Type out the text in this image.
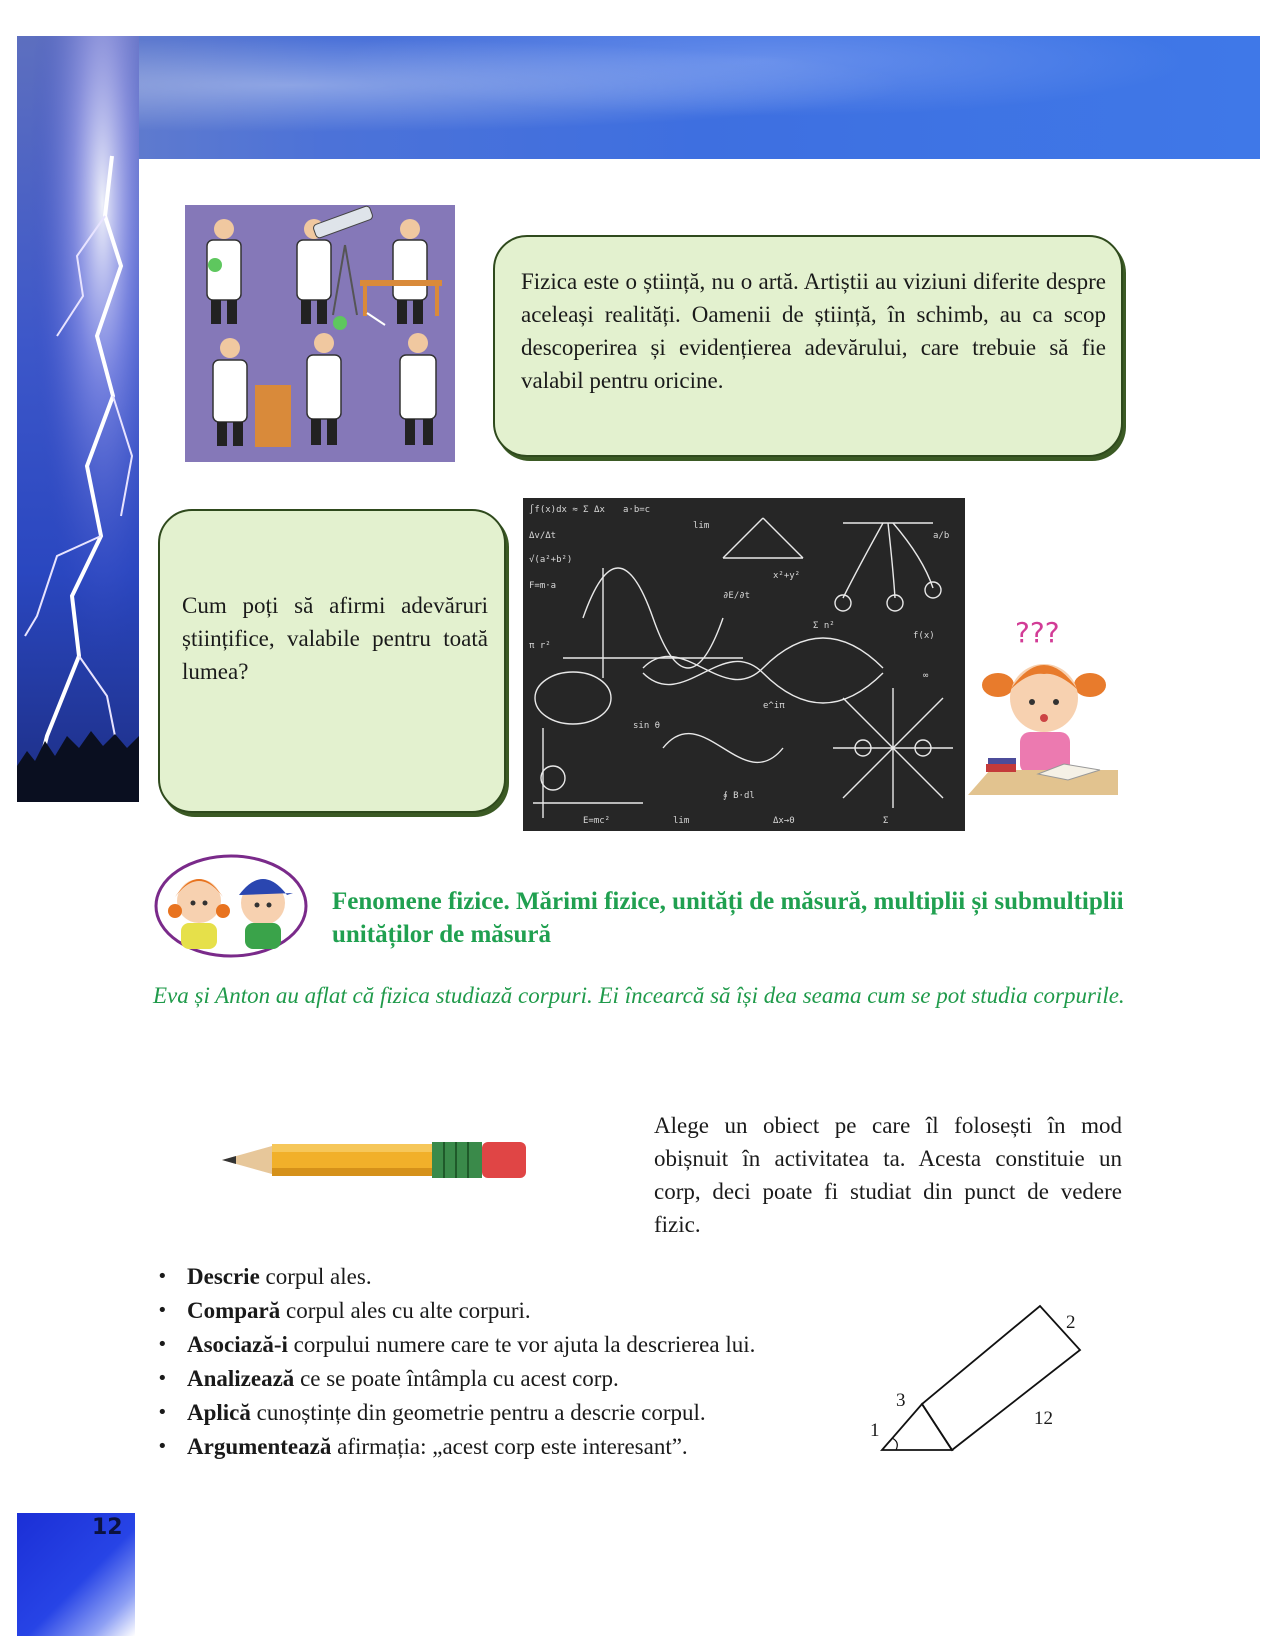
Fizica este o știință, nu o artă. Artiștii au viziuni diferite despre aceleași realități. Oamenii de știință, în schimb, au ca scop descoperirea și evidențierea adevărului, care trebuie să fie valabil pentru oricine.
Cum poți să afirmi adevăruri științifice, valabile pentru toată lumea?
∫f(x)dx ≈ Σ Δx a·b=c
lim
Δv/Δt
√(a²+b²)
F=m·a
x²+y²
Σ n²
f(x)
∂E/∂t
e^iπ
sin θ
π r²
∮ B·dl
E=mc²	lim	Δx→0	Σ
a/b
∞
???
Fenomene fizice. Mărimi fizice, unități de măsură, multiplii și submultiplii unităților de măsură
Eva și Anton au aflat că fizica studiază corpuri. Ei încearcă să își dea seama cum se pot studia corpurile.
Alege un obiect pe care îl folosești în mod obișnuit în activitatea ta. Acesta constituie un corp, deci poate fi studiat din punct de vedere fizic.
• Descrie corpul ales.
• Compară corpul ales cu alte corpuri.
• Asociază-i corpului numere care te vor ajuta la descrierea lui.
• Analizează ce se poate întâmpla cu acest corp.
• Aplică cunoștințe din geometrie pentru a descrie corpul.
• Argumentează afirmația: „acest corp este interesant”.
1
3
2
12
12
